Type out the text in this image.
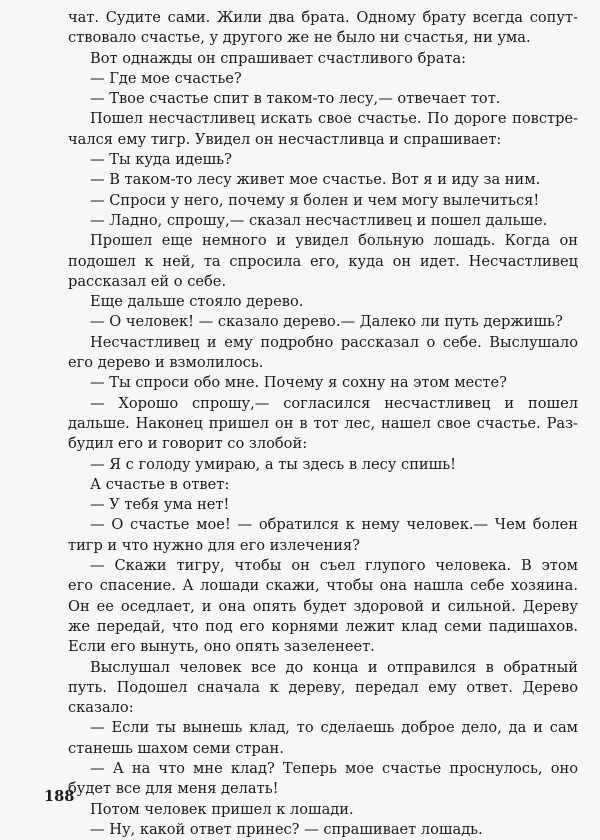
чат. Судите сами. Жили два брата. Одному брату всегда сопут-
ствовало счастье, у другого же не было ни счастья, ни ума.
Вот однажды он спрашивает счастливого брата:
— Где мое счастье?
— Твое счастье спит в таком-то лесу,— отвечает тот.
Пошел несчастливец искать свое счастье. По дороге повстре-
чался ему тигр. Увидел он несчастливца и спрашивает:
— Ты куда идешь?
— В таком-то лесу живет мое счастье. Вот я и иду за ним.
— Спроси у него, почему я болен и чем могу вылечиться!
— Ладно, спрошу,— сказал несчастливец и пошел дальше.
Прошел еще немного и увидел больную лошадь. Когда он
подошел к ней, та спросила его, куда он идет. Несчастливец
рассказал ей о себе.
Еще дальше стояло дерево.
— О человек! — сказало дерево.— Далеко ли путь держишь?
Несчастливец и ему подробно рассказал о себе. Выслушало
его дерево и взмолилось.
— Ты спроси обо мне. Почему я сохну на этом месте?
— Хорошо спрошу,— согласился несчастливец и пошел
дальше. Наконец пришел он в тот лес, нашел свое счастье. Раз-
будил его и говорит со злобой:
— Я с голоду умираю, а ты здесь в лесу спишь!
А счастье в ответ:
— У тебя ума нет!
— О счастье мое! — обратился к нему человек.— Чем болен
тигр и что нужно для его излечения?
— Скажи тигру, чтобы он съел глупого человека. В этом
его спасение. А лошади скажи, чтобы она нашла себе хозяина.
Он ее оседлает, и она опять будет здоровой и сильной. Дереву
же передай, что под его корнями лежит клад семи падишахов.
Если его вынуть, оно опять зазеленеет.
Выслушал человек все до конца и отправился в обратный
путь. Подошел сначала к дереву, передал ему ответ. Дерево
сказало:
— Если ты вынешь клад, то сделаешь доброе дело, да и сам
станешь шахом семи стран.
— А на что мне клад? Теперь мое счастье проснулось, оно
будет все для меня делать!
Потом человек пришел к лошади.
— Ну, какой ответ принес? — спрашивает лошадь.
188
